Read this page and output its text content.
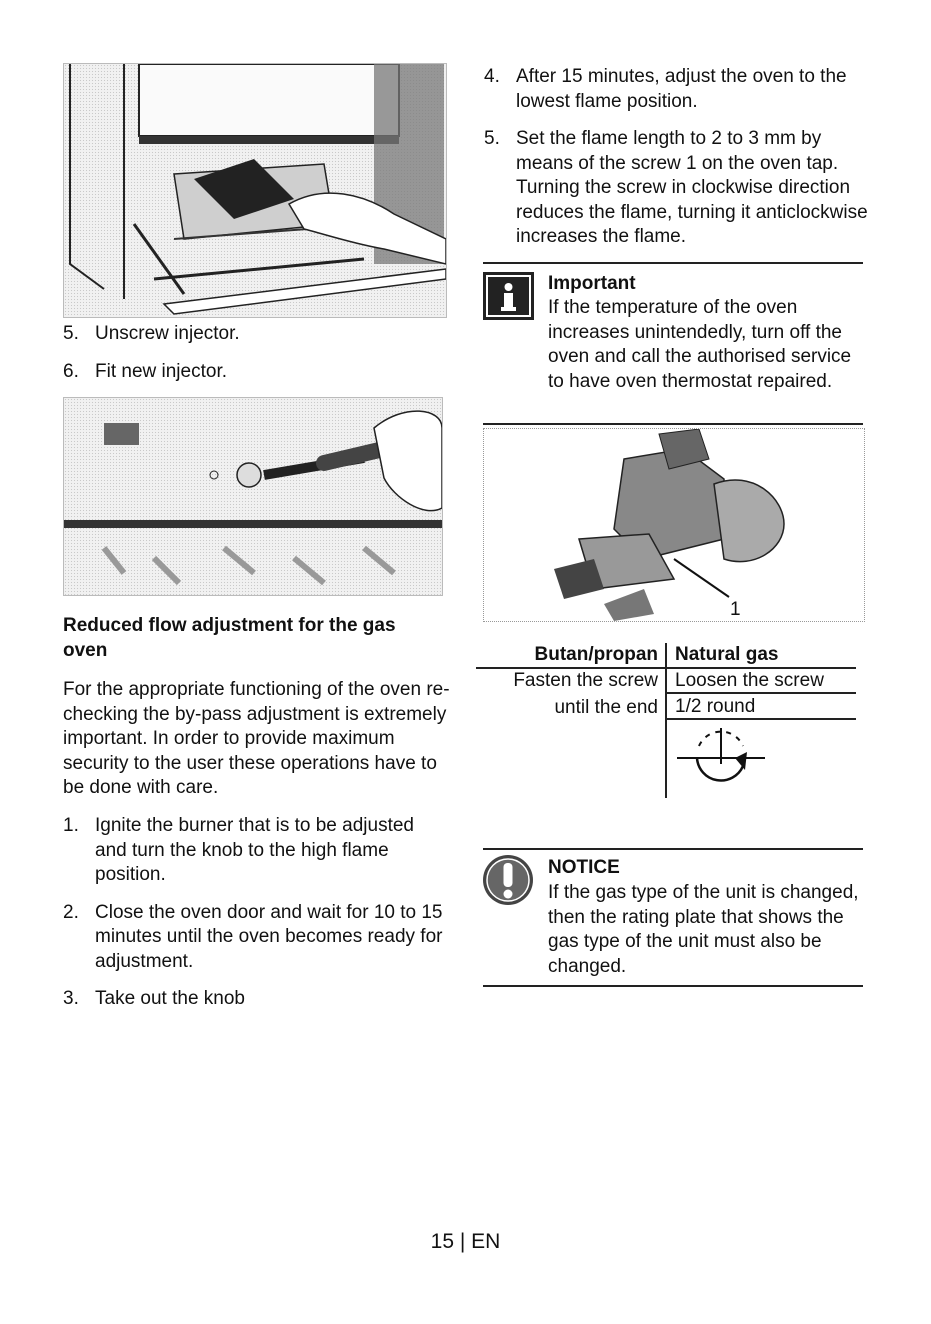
5. Unscrew injector.
6. Fit new injector.
Reduced flow adjustment for the gas oven
For the appropriate functioning of the oven re-checking the by-pass adjustment is extremely important. In order to provide maximum security to the user these operations have to be done with care.
1. Ignite the burner that is to be adjusted and turn the knob to the high flame position.
2. Close the oven door and wait for 10 to 15 minutes until the oven becomes ready for adjustment.
3. Take out the knob
4. After 15 minutes, adjust the oven to the lowest flame position.
5. Set the flame length to 2 to 3 mm by means of the screw 1 on the oven tap. Turning the screw in clockwise direction reduces the flame, turning it anticlockwise increases the flame.
Important
If the temperature of the oven increases unintendedly, turn off the oven and call the authorised service to have oven thermostat repaired.
1
Butan/propan Natural gas
Fasten the screw
until the end
Loosen the screw
1/2 round
NOTICE
If the gas type of the unit is changed, then the rating plate that shows the gas type of the unit must also be changed.
15 | EN
